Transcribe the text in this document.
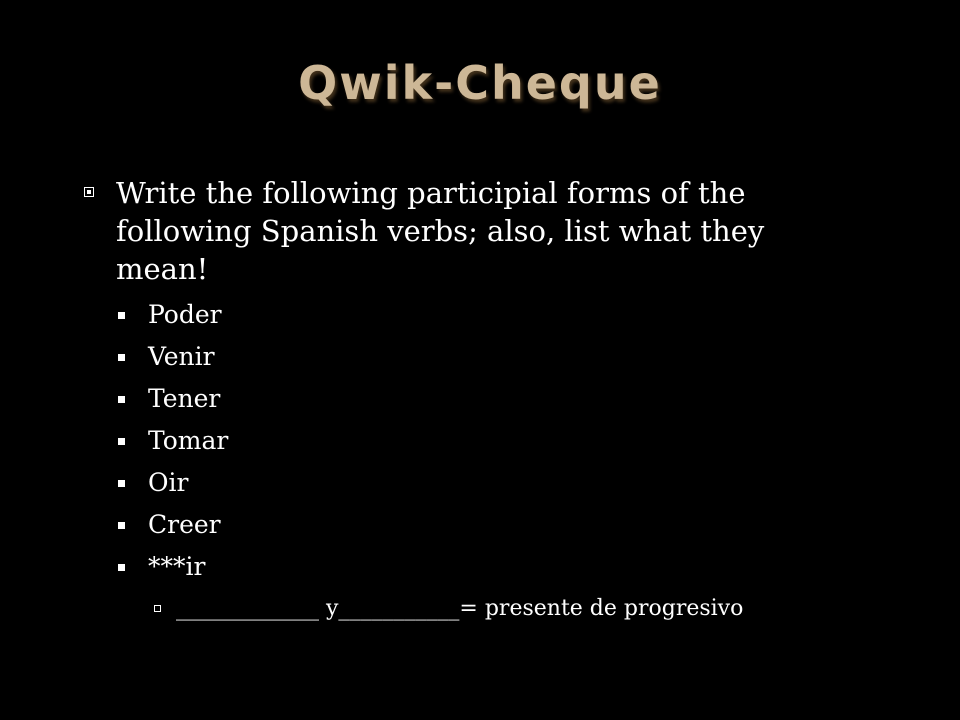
Qwik-Cheque
Write the following participial forms of the following Spanish verbs; also, list what they mean!
Poder
Venir
Tener
Tomar
Oir
Creer
***ir
_____________ y___________= presente de progresivo
